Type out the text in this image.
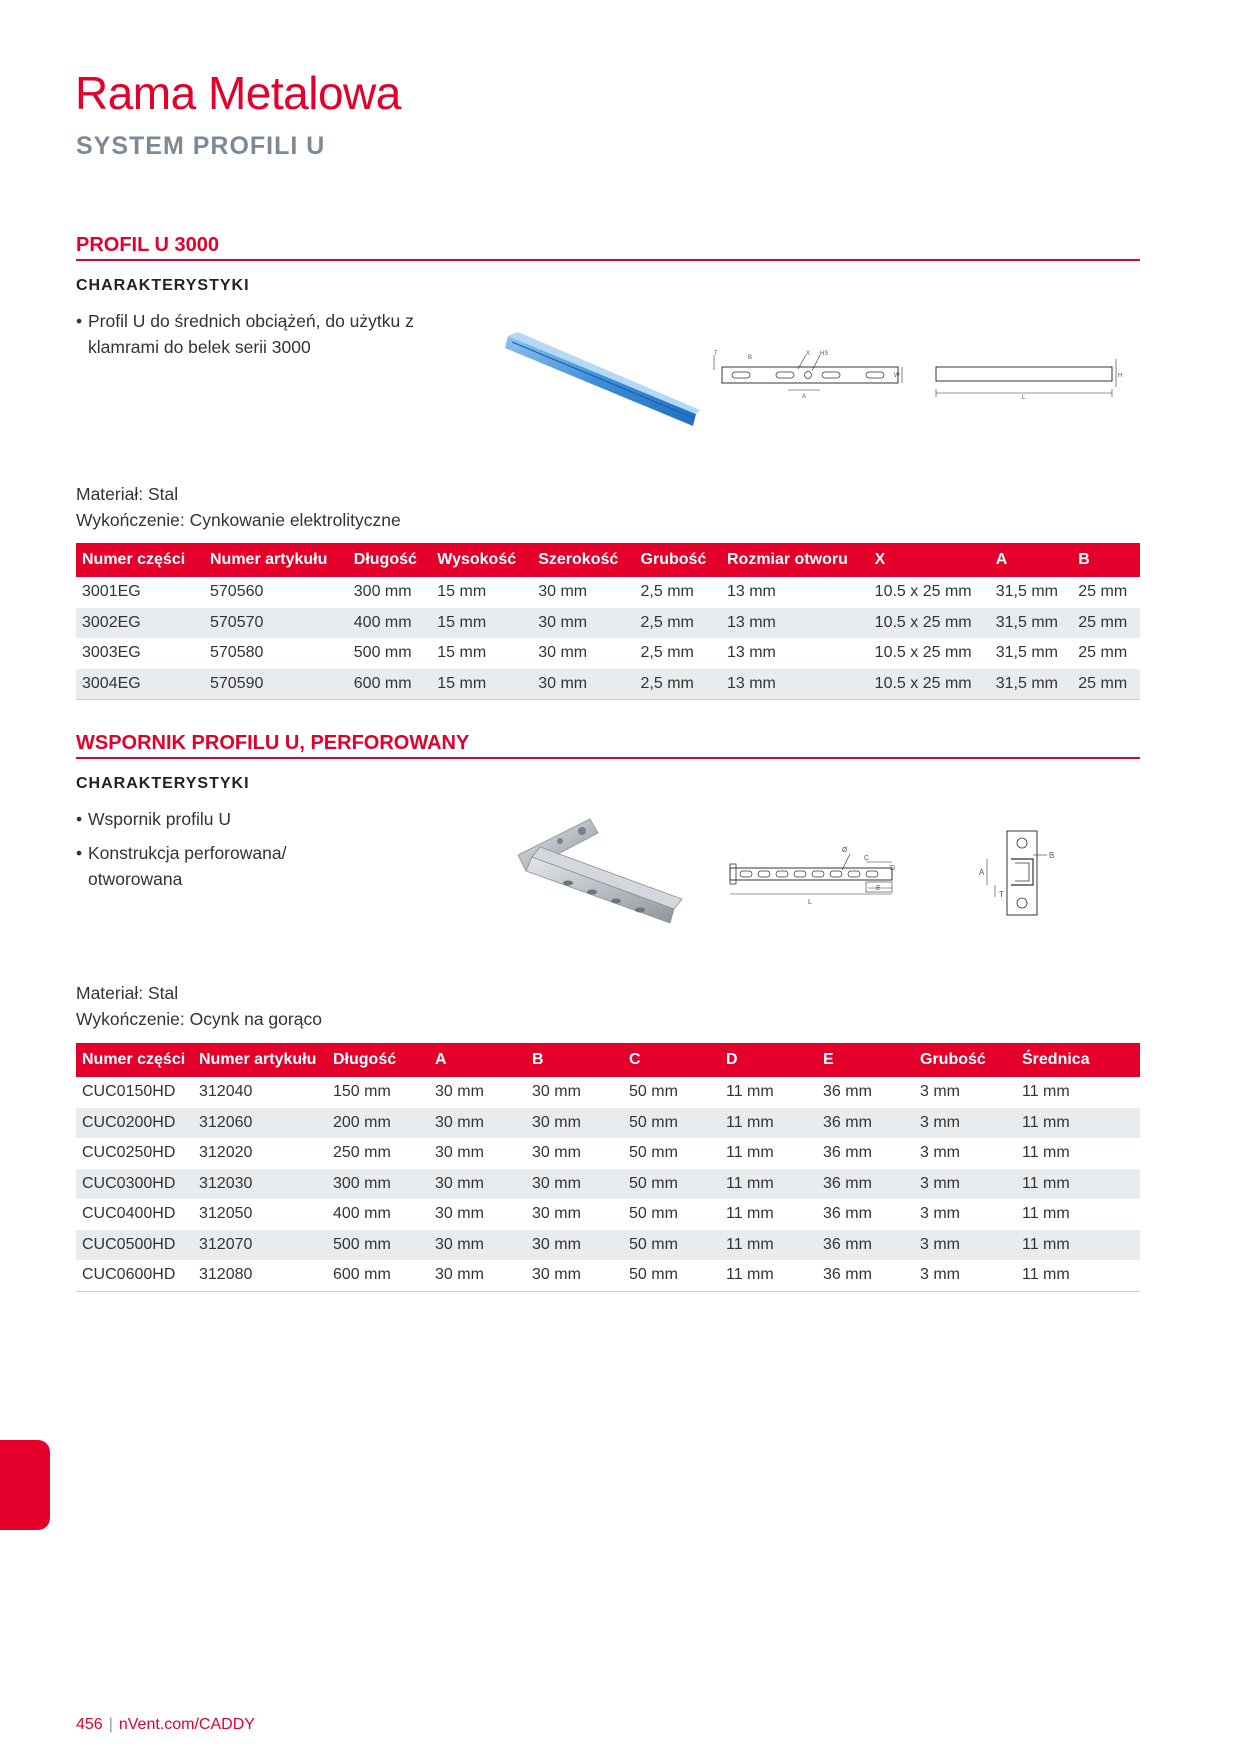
Rama Metalowa
SYSTEM PROFILI U
PROFIL U 3000
CHARAKTERYSTYKI
• Profil U do średnich obciążeń, do użytku z klamrami do belek serii 3000	T
B
X HS
W
A
H
L
Materiał: Stal
Wykończenie: Cynkowanie elektrolityczne
Numer części	Numer artykułu	Długość	Wysokość	Szerokość	Grubość	Rozmiar otworu	X	A	B
3001EG	570560	300 mm	15 mm	30 mm	2,5 mm	13 mm	10.5 x 25 mm	31,5 mm	25 mm
3002EG	570570	400 mm	15 mm	30 mm	2,5 mm	13 mm	10.5 x 25 mm	31,5 mm	25 mm
3003EG	570580	500 mm	15 mm	30 mm	2,5 mm	13 mm	10.5 x 25 mm	31,5 mm	25 mm
3004EG	570590	600 mm	15 mm	30 mm	2,5 mm	13 mm	10.5 x 25 mm	31,5 mm	25 mm
WSPORNIK PROFILU U, PERFOROWANY
CHARAKTERYSTYKI
• Wspornik profilu U
• Konstrukcja perforowana/ otworowana
Ø
C
D
E
L
A
B
T
Materiał: Stal
Wykończenie: Ocynk na gorąco
Numer części	Numer artykułu	Długość	A	B	C	D	E	Grubość	Średnica
CUC0150HD	312040	150 mm	30 mm	30 mm	50 mm	11 mm	36 mm	3 mm	11 mm
CUC0200HD	312060	200 mm	30 mm	30 mm	50 mm	11 mm	36 mm	3 mm	11 mm
CUC0250HD	312020	250 mm	30 mm	30 mm	50 mm	11 mm	36 mm	3 mm	11 mm
CUC0300HD	312030	300 mm	30 mm	30 mm	50 mm	11 mm	36 mm	3 mm	11 mm
CUC0400HD	312050	400 mm	30 mm	30 mm	50 mm	11 mm	36 mm	3 mm	11 mm
CUC0500HD	312070	500 mm	30 mm	30 mm	50 mm	11 mm	36 mm	3 mm	11 mm
CUC0600HD	312080	600 mm	30 mm	30 mm	50 mm	11 mm	36 mm	3 mm	11 mm
456 | nVent.com/CADDY
